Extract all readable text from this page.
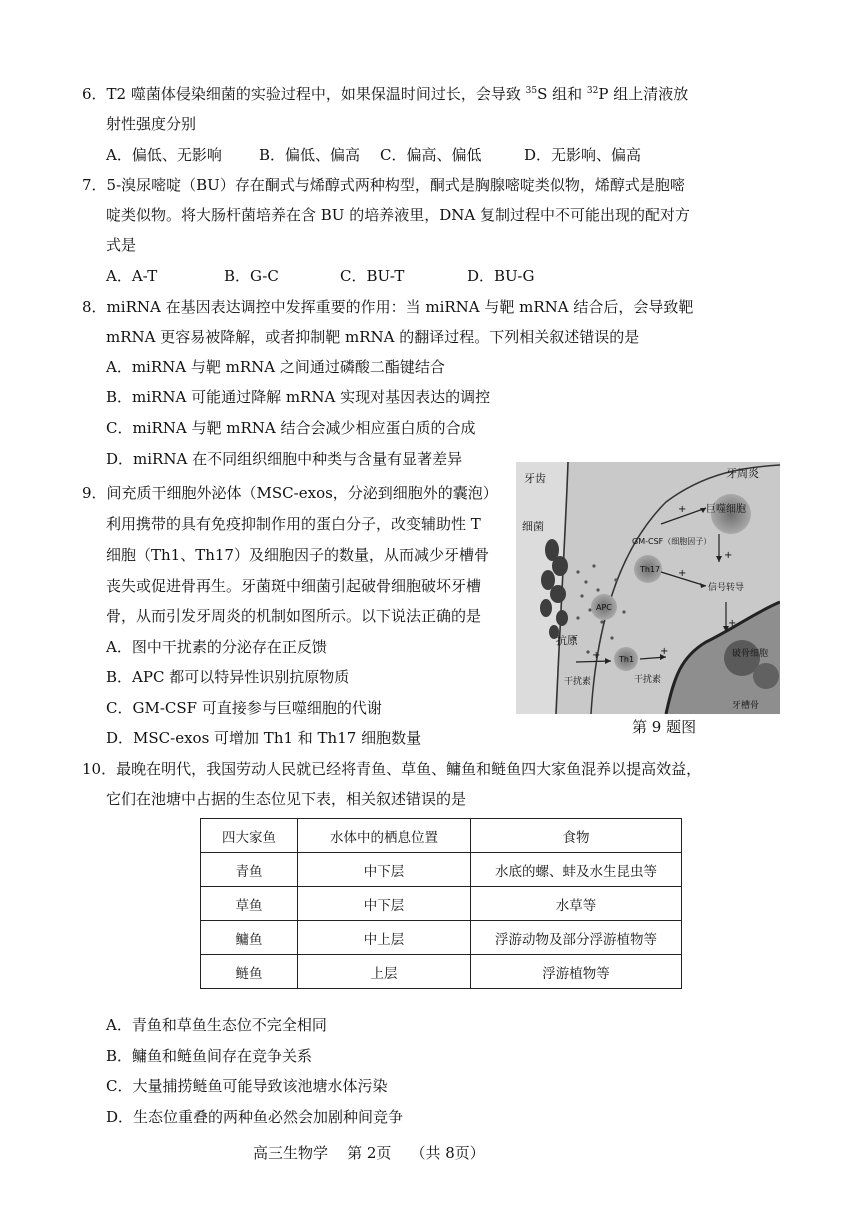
6．T2 噬菌体侵染细菌的实验过程中，如果保温时间过长，会导致 $^{35}$S 组和 $^{32}$P 组上清液放
射性强度分别
A．偏低、无影响 B．偏低、偏高 C．偏高、偏低	D．无影响、偏高
7．5-溴尿嘧啶（BU）存在酮式与烯醇式两种构型，酮式是胸腺嘧啶类似物，烯醇式是胞嘧
啶类似物。将大肠杆菌培养在含 BU 的培养液里，DNA 复制过程中不可能出现的配对方
式是
A．A-T	B．G-C	C．BU-T	D．BU-G
8．miRNA 在基因表达调控中发挥重要的作用：当 miRNA 与靶 mRNA 结合后，会导致靶
mRNA 更容易被降解，或者抑制靶 mRNA 的翻译过程。下列相关叙述错误的是
A．miRNA 与靶 mRNA 之间通过磷酸二酯键结合
B．miRNA 可能通过降解 mRNA 实现对基因表达的调控
C．miRNA 与靶 mRNA 结合会减少相应蛋白质的合成
D．miRNA 在不同组织细胞中种类与含量有显著差异
9．间充质干细胞外泌体（MSC-exos，分泌到细胞外的囊泡）
利用携带的具有免疫抑制作用的蛋白分子，改变辅助性 T
细胞（Th1、Th17）及细胞因子的数量，从而减少牙槽骨
丧失或促进骨再生。牙菌斑中细菌引起破骨细胞破坏牙槽
骨，从而引发牙周炎的机制如图所示。以下说法正确的是
A．图中干扰素的分泌存在正反馈
B．APC 都可以特异性识别抗原物质
C．GM-CSF 可直接参与巨噬细胞的代谢
D．MSC-exos 可增加 Th1 和 Th17 细胞数量
牙齿	牙周炎
细菌
巨噬细胞
GM-CSF（细胞因子）
Th17
信号转导
APC
抗原
破骨细胞
Th1
干扰素	干扰素
牙槽骨
+
+
+
+
+	+
第 9 题图
10．最晚在明代，我国劳动人民就已经将青鱼、草鱼、鳙鱼和鲢鱼四大家鱼混养以提高效益，
它们在池塘中占据的生态位见下表，相关叙述错误的是
四大家鱼	水体中的栖息位置	食物
青鱼	中下层	水底的螺、蚌及水生昆虫等
草鱼	中下层	水草等
鳙鱼	中上层	浮游动物及部分浮游植物等
鲢鱼	上层	浮游植物等
A．青鱼和草鱼生态位不完全相同
B．鳙鱼和鲢鱼间存在竞争关系
C．大量捕捞鲢鱼可能导致该池塘水体污染
D．生态位重叠的两种鱼必然会加剧种间竞争
高三生物学 第 2页 （共 8页）
